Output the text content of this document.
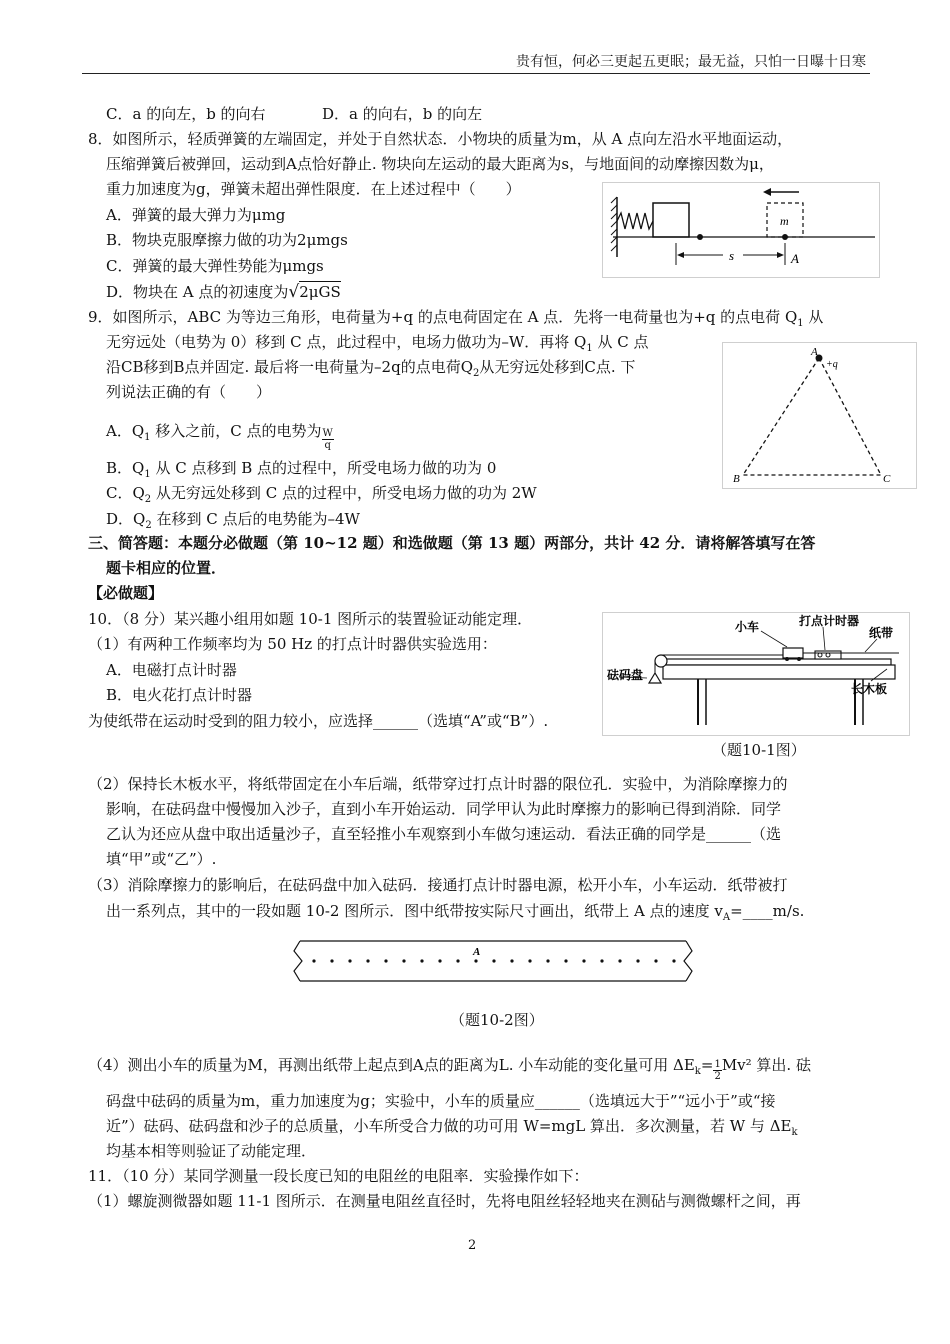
贵有恒，何必三更起五更眠；最无益，只怕一日曝十日寒
C．a 的向左，b 的向右	D．a 的向右，b 的向左
8．如图所示，轻质弹簧的左端固定，并处于自然状态．小物块的质量为m，从 A 点向左沿水平地面运动，
压缩弹簧后被弹回，运动到A点恰好静止. 物块向左运动的最大距离为s，与地面间的动摩擦因数为μ，
重力加速度为g，弹簧未超出弹性限度．在上述过程中（　　）
A．弹簧的最大弹力为μmg
B．物块克服摩擦力做的功为2μmgs
C．弹簧的最大弹性势能为μmgs
D．物块在 A 点的初速度为√2μGS
m
s	A
9．如图所示，ABC 为等边三角形，电荷量为+q 的点电荷固定在 A 点．先将一电荷量也为+q 的点电荷 $Q_1$ 从
无穷远处（电势为 0）移到 C 点，此过程中，电场力做功为–W．再将 $Q_1$ 从 C 点
沿CB移到B点并固定. 最后将一电荷量为–2q的点电荷$Q_2$从无穷远处移到C点. 下
列说法正确的有（　　）
A．$Q_1$ 移入之前，C 点的电势为 $\frac{W}{q}$
B．$Q_1$ 从 C 点移到 B 点的过程中，所受电场力做的功为 0
C．$Q_2$ 从无穷远处移到 C 点的过程中，所受电场力做的功为 2W
D．$Q_2$ 在移到 C 点后的电势能为–4W
A
+q
B	C
三、简答题：本题分必做题（第 10~12 题）和选做题（第 13 题）两部分，共计 42 分．请将解答填写在答
题卡相应的位置．
【必做题】
10．（8 分）某兴趣小组用如题 10-1 图所示的装置验证动能定理．
（1）有两种工作频率均为 50 Hz 的打点计时器供实验选用：
A．电磁打点计时器
B．电火花打点计时器
为使纸带在运动时受到的阻力较小，应选择______（选填“A”或“B”）.
小车	打点计时器
纸带
砝码盘
长木板
（题10-1图）
（2）保持长木板水平，将纸带固定在小车后端，纸带穿过打点计时器的限位孔．实验中，为消除摩擦力的
影响，在砝码盘中慢慢加入沙子，直到小车开始运动．同学甲认为此时摩擦力的影响已得到消除．同学
乙认为还应从盘中取出适量沙子，直至轻推小车观察到小车做匀速运动．看法正确的同学是______（选
填“甲”或“乙”）.
（3）消除摩擦力的影响后，在砝码盘中加入砝码．接通打点计时器电源，松开小车，小车运动．纸带被打
出一系列点，其中的一段如题 10-2 图所示．图中纸带按实际尺寸画出，纸带上 A 点的速度 $v_A=\_\_\_\_m/s$.
A
（题10-2图）
（4）测出小车的质量为M，再测出纸带上起点到A点的距离为L. 小车动能的变化量可用 $\Delta E_k= \frac{1}{2} Mv^2$ 算出. 砝
码盘中砝码的质量为m，重力加速度为g；实验中，小车的质量应______（选填远大于”“远小于”或“接
近”）砝码、砝码盘和沙子的总质量，小车所受合力做的功可用 W=mgL 算出．多次测量，若 W 与 $\Delta E_k$
均基本相等则验证了动能定理．
11．（10 分）某同学测量一段长度已知的电阻丝的电阻率．实验操作如下：
（1）螺旋测微器如题 11-1 图所示．在测量电阻丝直径时，先将电阻丝轻轻地夹在测砧与测微螺杆之间，再
2
